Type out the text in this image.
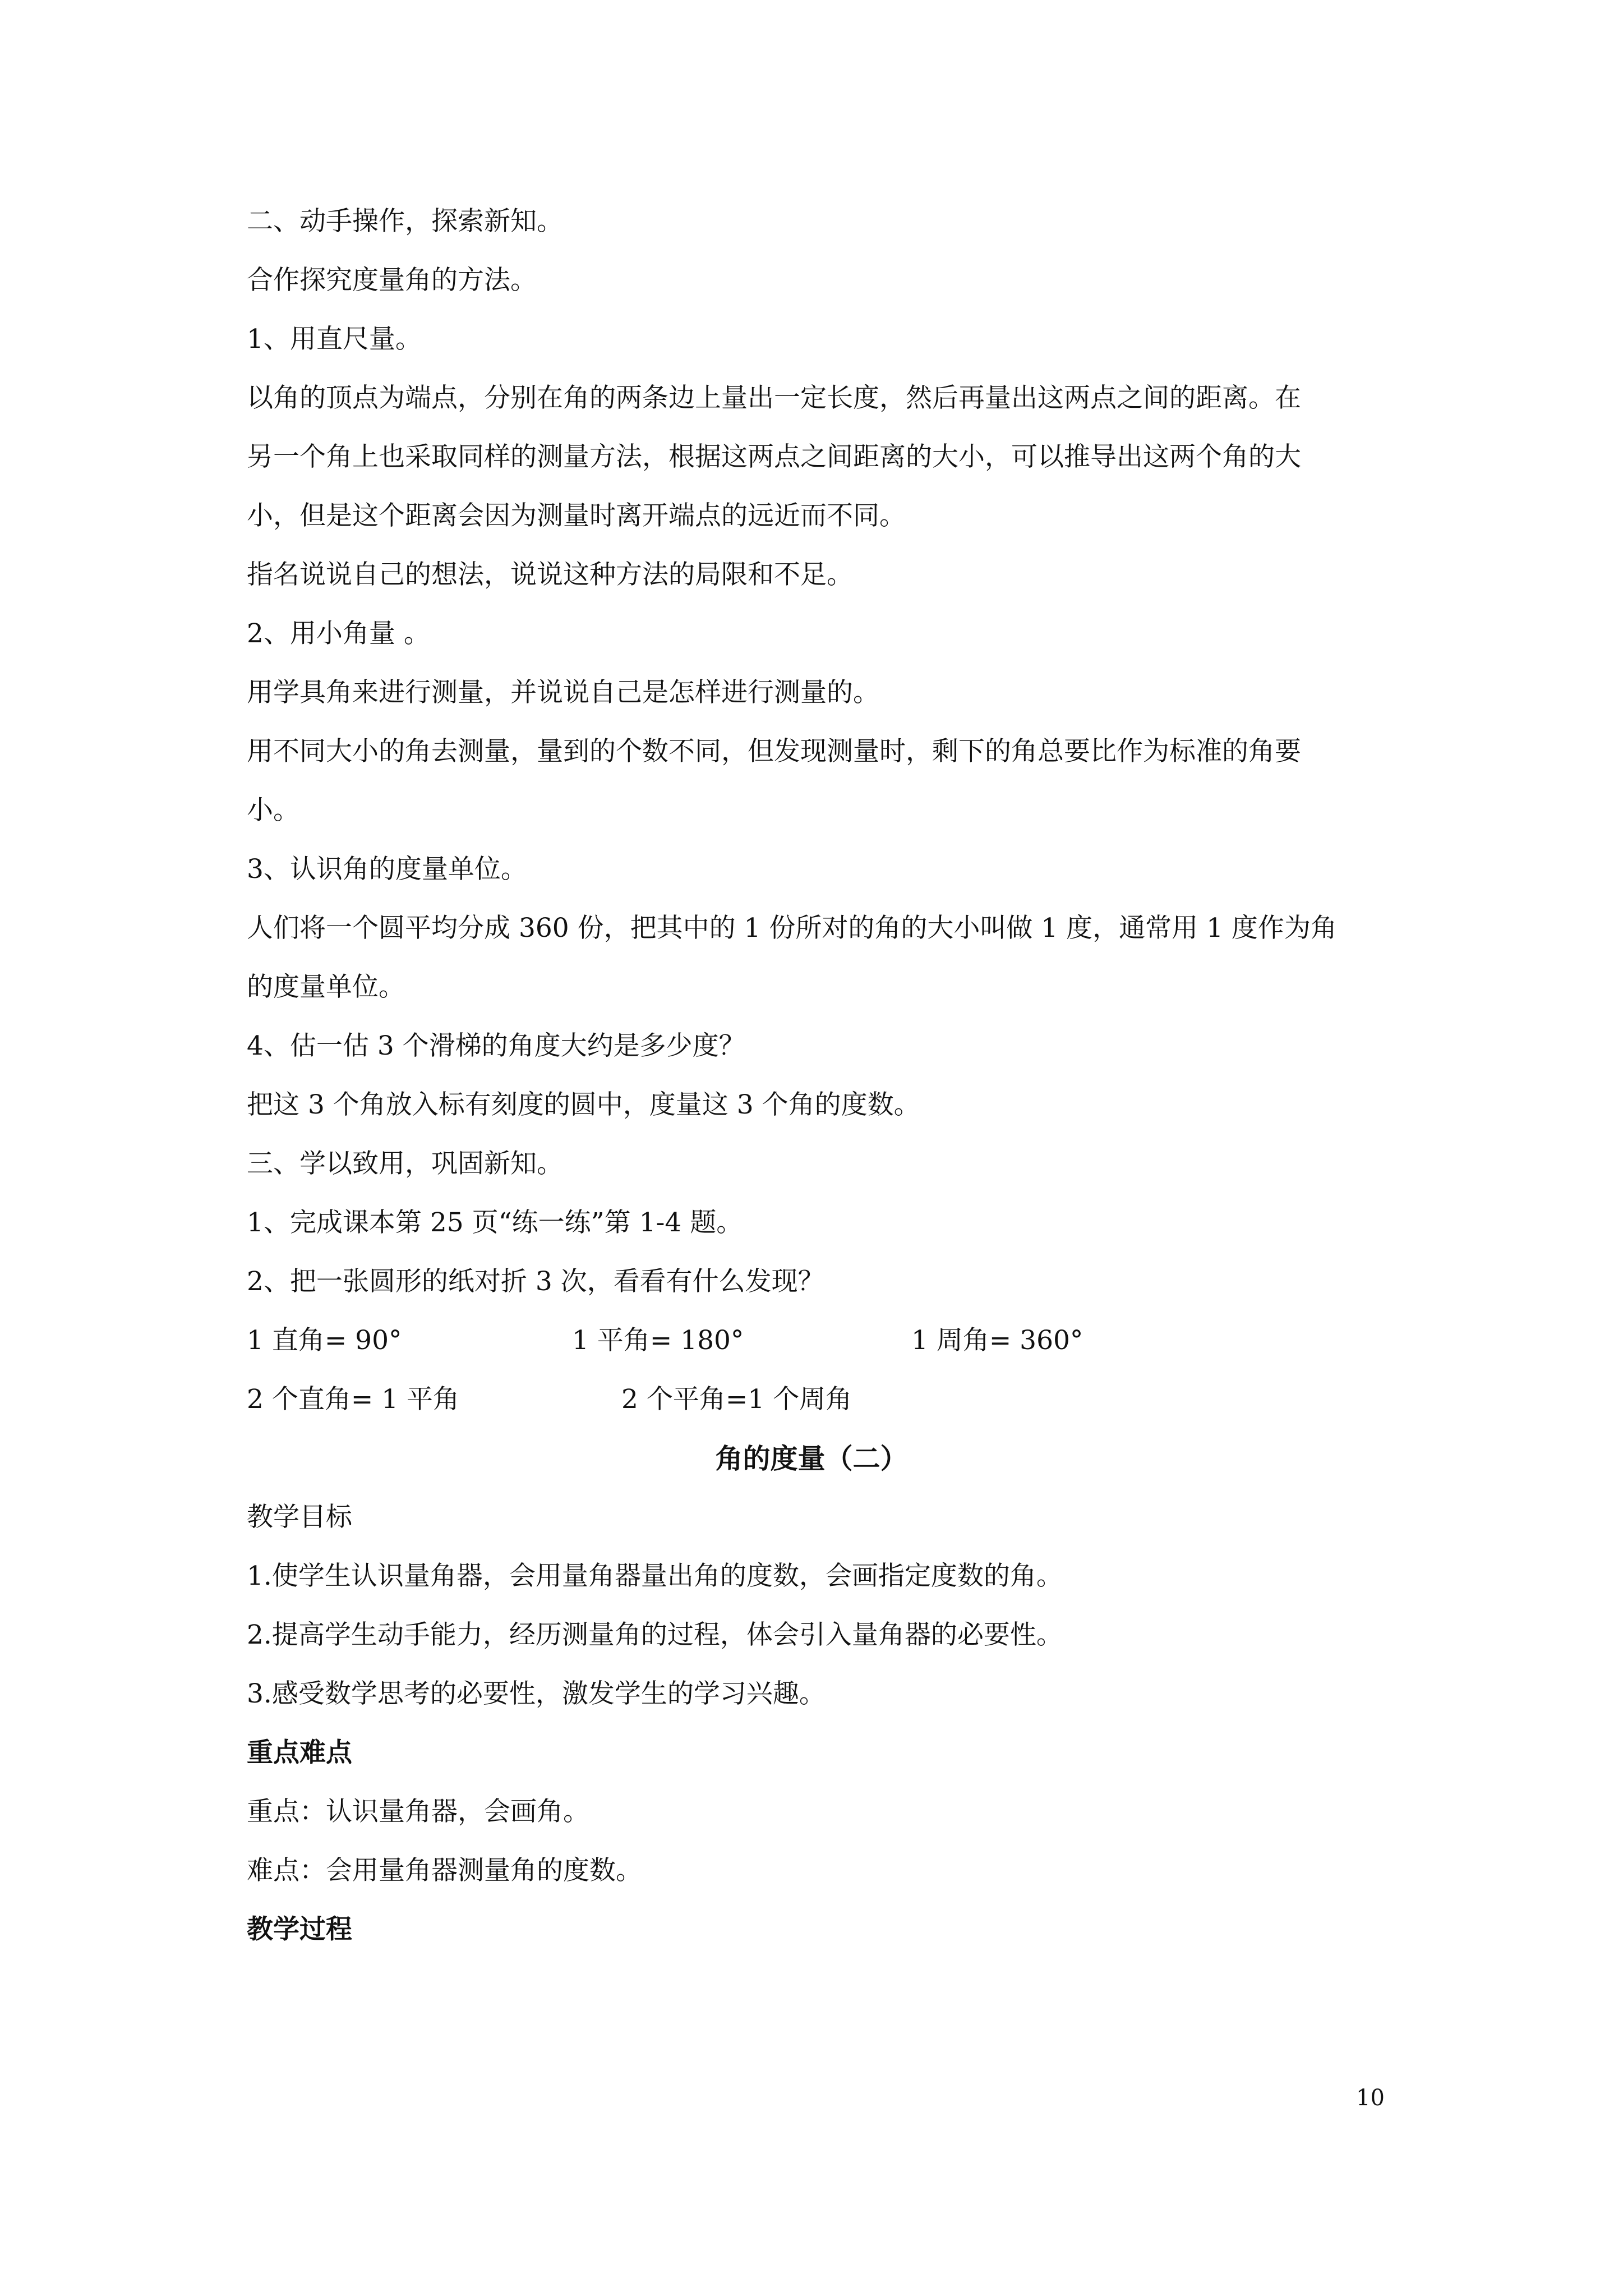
二、动手操作，探索新知。
合作探究度量角的方法。
1、用直尺量。
以角的顶点为端点，分别在角的两条边上量出一定长度，然后再量出这两点之间的距离。在
另一个角上也采取同样的测量方法，根据这两点之间距离的大小，可以推导出这两个角的大
小，但是这个距离会因为测量时离开端点的远近而不同。
指名说说自己的想法，说说这种方法的局限和不足。
2、用小角量 。
用学具角来进行测量，并说说自己是怎样进行测量的。
用不同大小的角去测量，量到的个数不同，但发现测量时，剩下的角总要比作为标准的角要
小。
3、认识角的度量单位。
人们将一个圆平均分成 360 份，把其中的 1 份所对的角的大小叫做 1 度，通常用 1 度作为角
的度量单位。
4、估一估 3 个滑梯的角度大约是多少度？
把这 3 个角放入标有刻度的圆中，度量这 3 个角的度数。
三、学以致用，巩固新知。
1、完成课本第 25 页“练一练”第 1-4 题。
2、把一张圆形的纸对折 3 次，看看有什么发现？
1 直角= 90°	1 平角= 180°	1 周角= 360°
2 个直角= 1 平角	2 个平角=1 个周角
角的度量（二）
教学目标
1.使学生认识量角器，会用量角器量出角的度数，会画指定度数的角。
2.提高学生动手能力，经历测量角的过程，体会引入量角器的必要性。
3.感受数学思考的必要性，激发学生的学习兴趣。
重点难点
重点：认识量角器，会画角。
难点：会用量角器测量角的度数。
教学过程
10
